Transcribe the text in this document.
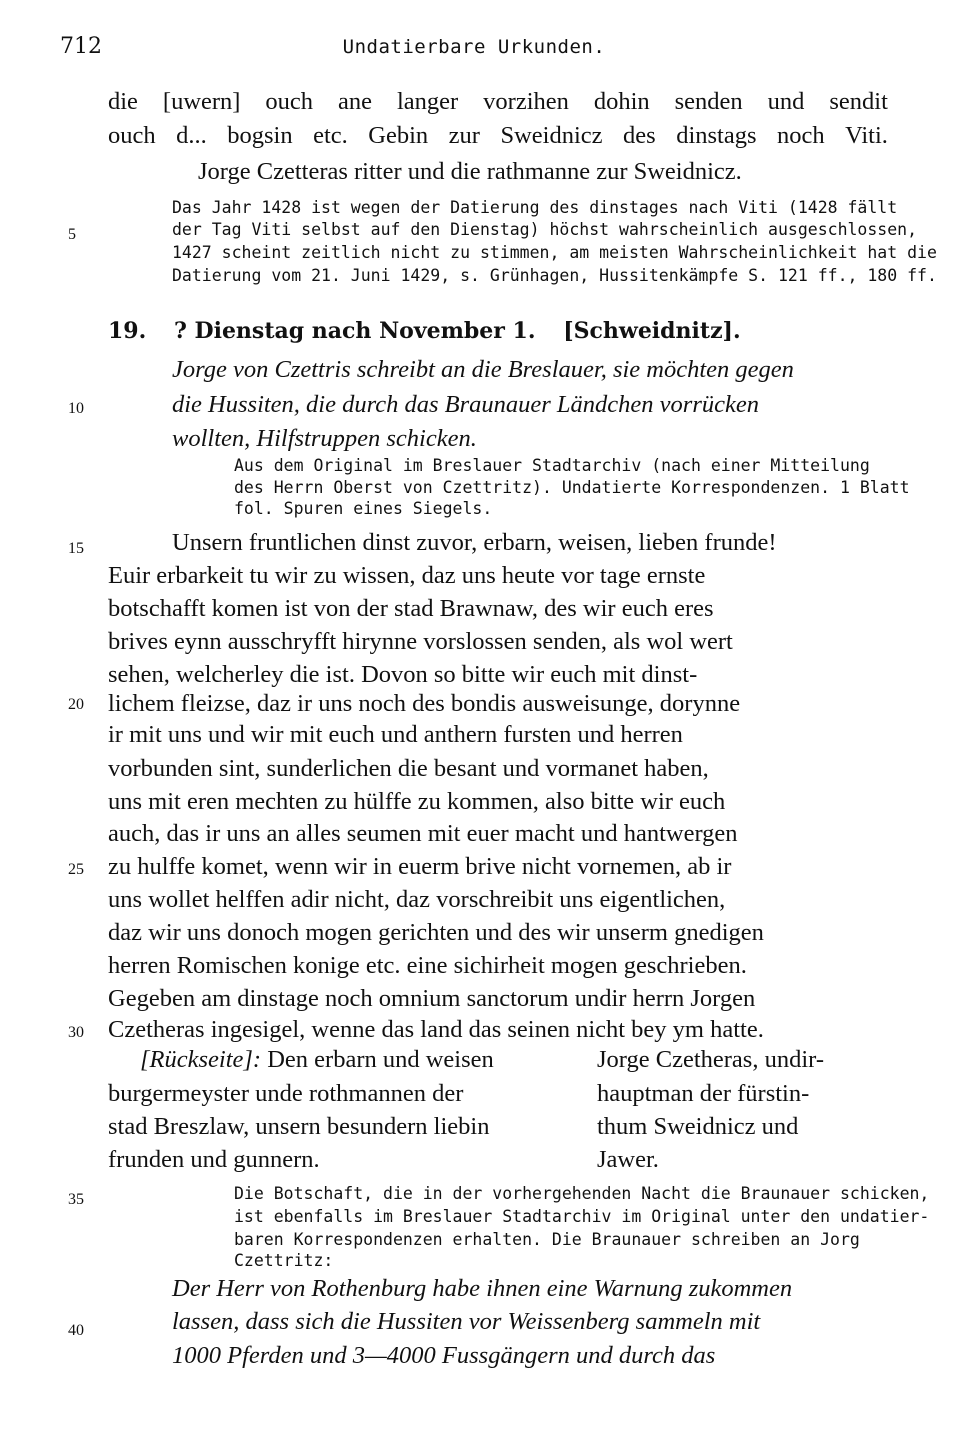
712	Undatierbare Urkunden.
5
10
15
20
25
30
35
40
die [uwern] ouch ane langer vorzihen dohin senden und sendit
ouch d... bogsin etc. Gebin zur Sweidnicz des dinstags noch Viti.
Jorge Czetteras ritter und die rathmanne zur Sweidnicz.
Das Jahr 1428 ist wegen der Datierung des dinstages nach Viti (1428 fällt
der Tag Viti selbst auf den Dienstag) höchst wahrscheinlich ausgeschlossen,
1427 scheint zeitlich nicht zu stimmen, am meisten Wahrscheinlichkeit hat die
Datierung vom 21. Juni 1429, s. Grünhagen, Hussitenkämpfe S. 121 ff., 180 ff.
19. ? Dienstag nach November 1. [Schweidnitz].
Jorge von Czettris schreibt an die Breslauer, sie möchten gegen
die Hussiten, die durch das Braunauer Ländchen vorrücken
wollten, Hilfstruppen schicken.
Aus dem Original im Breslauer Stadtarchiv (nach einer Mitteilung
des Herrn Oberst von Czettritz). Undatierte Korrespondenzen. 1 Blatt
fol. Spuren eines Siegels.
Unsern fruntlichen dinst zuvor, erbarn, weisen, lieben frunde!
Euir erbarkeit tu wir zu wissen, daz uns heute vor tage ernste
botschafft komen ist von der stad Brawnaw, des wir euch eres
brives eynn ausschryfft hirynne vorslossen senden, als wol wert
sehen, welcherley die ist. Dovon so bitte wir euch mit dinst-
lichem fleizse, daz ir uns noch des bondis ausweisunge, dorynne
ir mit uns und wir mit euch und anthern fursten und herren
vorbunden sint, sunderlichen die besant und vormanet haben,
uns mit eren mechten zu hülffe zu kommen, also bitte wir euch
auch, das ir uns an alles seumen mit euer macht und hantwergen
zu hulffe komet, wenn wir in euerm brive nicht vornemen, ab ir
uns wollet helffen adir nicht, daz vorschreibit uns eigentlichen,
daz wir uns donoch mogen gerichten und des wir unserm gnedigen
herren Romischen konige etc. eine sichirheit mogen geschrieben.
Gegeben am dinstage noch omnium sanctorum undir herrn Jorgen
Czetheras ingesigel, wenne das land das seinen nicht bey ym hatte.
[Rückseite]: Den erbarn und weisen
burgermeyster unde rothmannen der
stad Breszlaw, unsern besundern liebin
frunden und gunnern.
Jorge Czetheras, undir-
hauptman der fürstin-
thum Sweidnicz und
Jawer.
Die Botschaft, die in der vorhergehenden Nacht die Braunauer schicken,
ist ebenfalls im Breslauer Stadtarchiv im Original unter den undatier-
baren Korrespondenzen erhalten. Die Braunauer schreiben an Jorg
Czettritz:
Der Herr von Rothenburg habe ihnen eine Warnung zukommen
lassen, dass sich die Hussiten vor Weissenberg sammeln mit
1000 Pferden und 3—4000 Fussgängern und durch das
